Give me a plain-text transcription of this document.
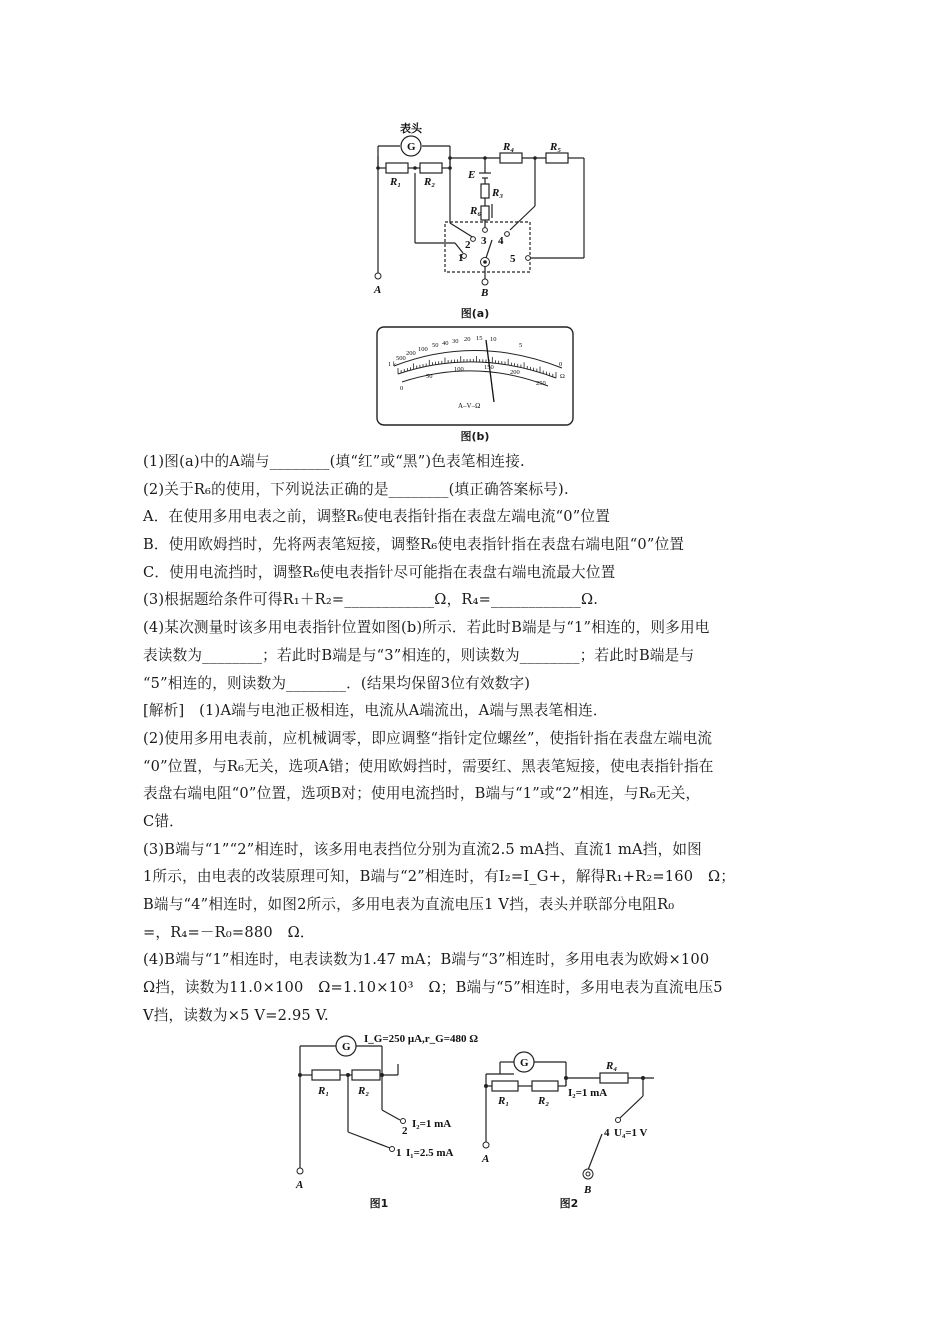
表头
G
R₁ R₂
R₄	R₅
E
R₃
R₆
1
2 3 4
5
A	B
图(a)
1 k
500
200
100
50 40 30 20 15 10
5
0
Ω
0
50
100	150
200
250
A–V–Ω
图(b)
(1)图(a)中的A端与________(填“红”或“黑”)色表笔相连接.
(2)关于R₆的使用，下列说法正确的是________(填正确答案标号).
A．在使用多用电表之前，调整R₆使电表指针指在表盘左端电流“0”位置
B．使用欧姆挡时，先将两表笔短接，调整R₆使电表指针指在表盘右端电阻“0”位置
C．使用电流挡时，调整R₆使电表指针尽可能指在表盘右端电流最大位置
(3)根据题给条件可得R₁＋R₂=____________Ω，R₄=____________Ω.
(4)某次测量时该多用电表指针位置如图(b)所示．若此时B端是与“1”相连的，则多用电
表读数为________；若此时B端是与“3”相连的，则读数为________；若此时B端是与
“5”相连的，则读数为________．(结果均保留3位有效数字)
[解析]　(1)A端与电池正极相连，电流从A端流出，A端与黑表笔相连．
(2)使用多用电表前，应机械调零，即应调整“指针定位螺丝”，使指针指在表盘左端电流
“0”位置，与R₆无关，选项A错；使用欧姆挡时，需要红、黑表笔短接，使电表指针指在
表盘右端电阻“0”位置，选项B对；使用电流挡时，B端与“1”或“2”相连，与R₆无关，
C错．
(3)B端与“1”“2”相连时，该多用电表挡位分别为直流2.5 mA挡、直流1 mA挡，如图
1所示，由电表的改装原理可知，B端与“2”相连时，有I₂=I_G+，解得R₁+R₂=160　Ω；
B端与“4”相连时，如图2所示，多用电表为直流电压1 V挡，表头并联部分电阻R₀
=，R₄=－R₀=880　Ω．
(4)B端与“1”相连时，电表读数为1.47 mA；B端与“3”相连时，多用电表为欧姆×100
Ω挡，读数为11.0×100　Ω=1.10×10³　Ω；B端与“5”相连时，多用电表为直流电压5
V挡，读数为×5 V=2.95 V.
I_G=250 μA,r_G=480 Ω
G
R₁	R₂
2
I₂=1 mA
1 I₁=2.5 mA
A
图1
G
R₁	R₂
R₄
I₂=1 mA
4 U₄=1 V
A
B
图2
